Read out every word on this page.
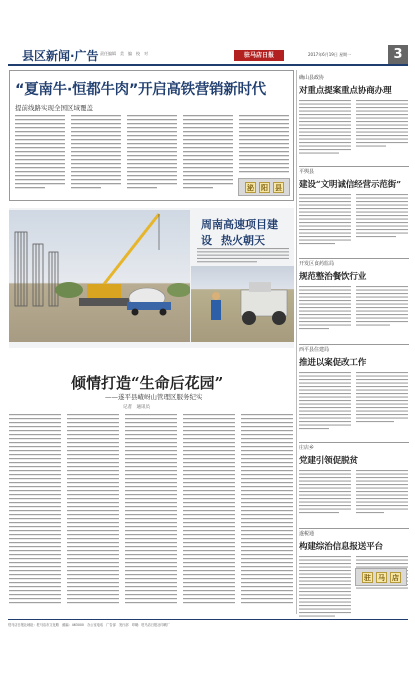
县区新闻·广告 责任编辑　美　编　校　对	驻马店日报	2017年6月19日 星期一	3
“夏南牛·恒都牛肉”开启高铁营销新时代
提前线路实现全国区域覆盖
泌 阳 县
周南高速项目建设 热火朝天
倾情打造“生命后花园”
——遂平县嵖岈山管理区服务纪实
记者　通讯员
确山县政协
对重点提案重点协商办理
平舆县
建设“文明诚信经营示范街”
开发区食药监局
规范整治餐饮行业
西平县住建局
推进以案促改工作
庄店乡
党建引领促脱贫
遂税通
构建综治信息报送平台
驻 马 店
驻马店日报社地址：驻马店市文化路　邮编：463000　办公室电话　广告部　发行部　印刷：驻马店日报社印刷厂
